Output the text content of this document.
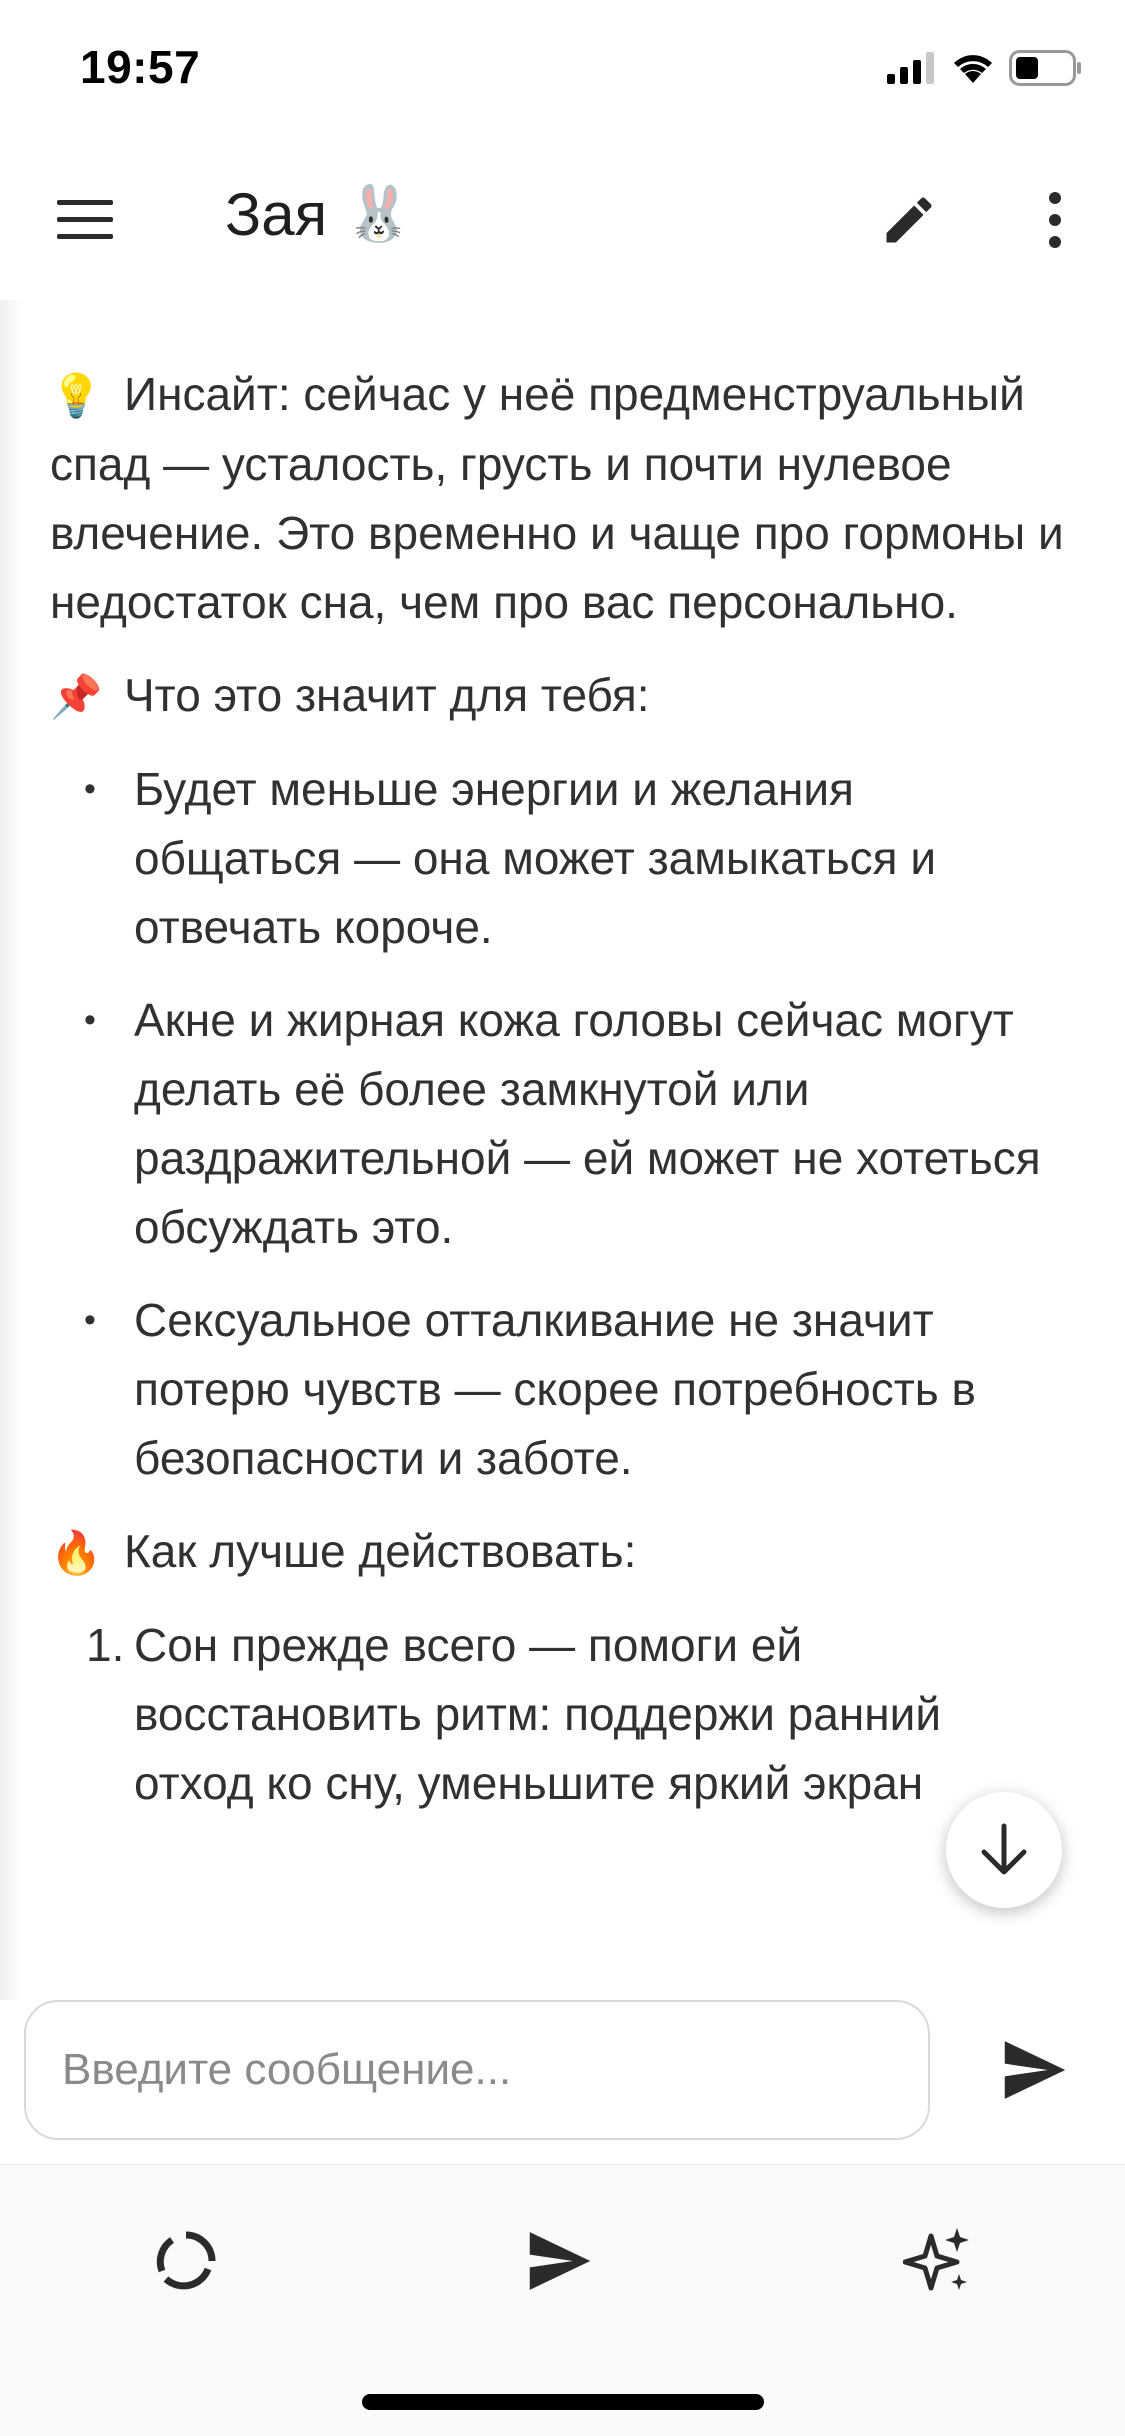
19:57
Зая 🐰

💡 Инсайт: сейчас у неё предменструальный спад — усталость, грусть и почти нулевое влечение. Это временно и чаще про гормоны и недостаток сна, чем про вас персонально.

📌 Что это значит для тебя:

• Будет меньше энергии и желания общаться — она может замыкаться и отвечать короче.
• Акне и жирная кожа головы сейчас могут делать её более замкнутой или раздражительной — ей может не хотеться обсуждать это.
• Сексуальное отталкивание не значит потерю чувств — скорее потребность в безопасности и заботе.

🔥 Как лучше действовать:

1. Сон прежде всего — помоги ей восстановить ритм: поддержи ранний отход ко сну, уменьшите яркий экран
Введите сообщение...
